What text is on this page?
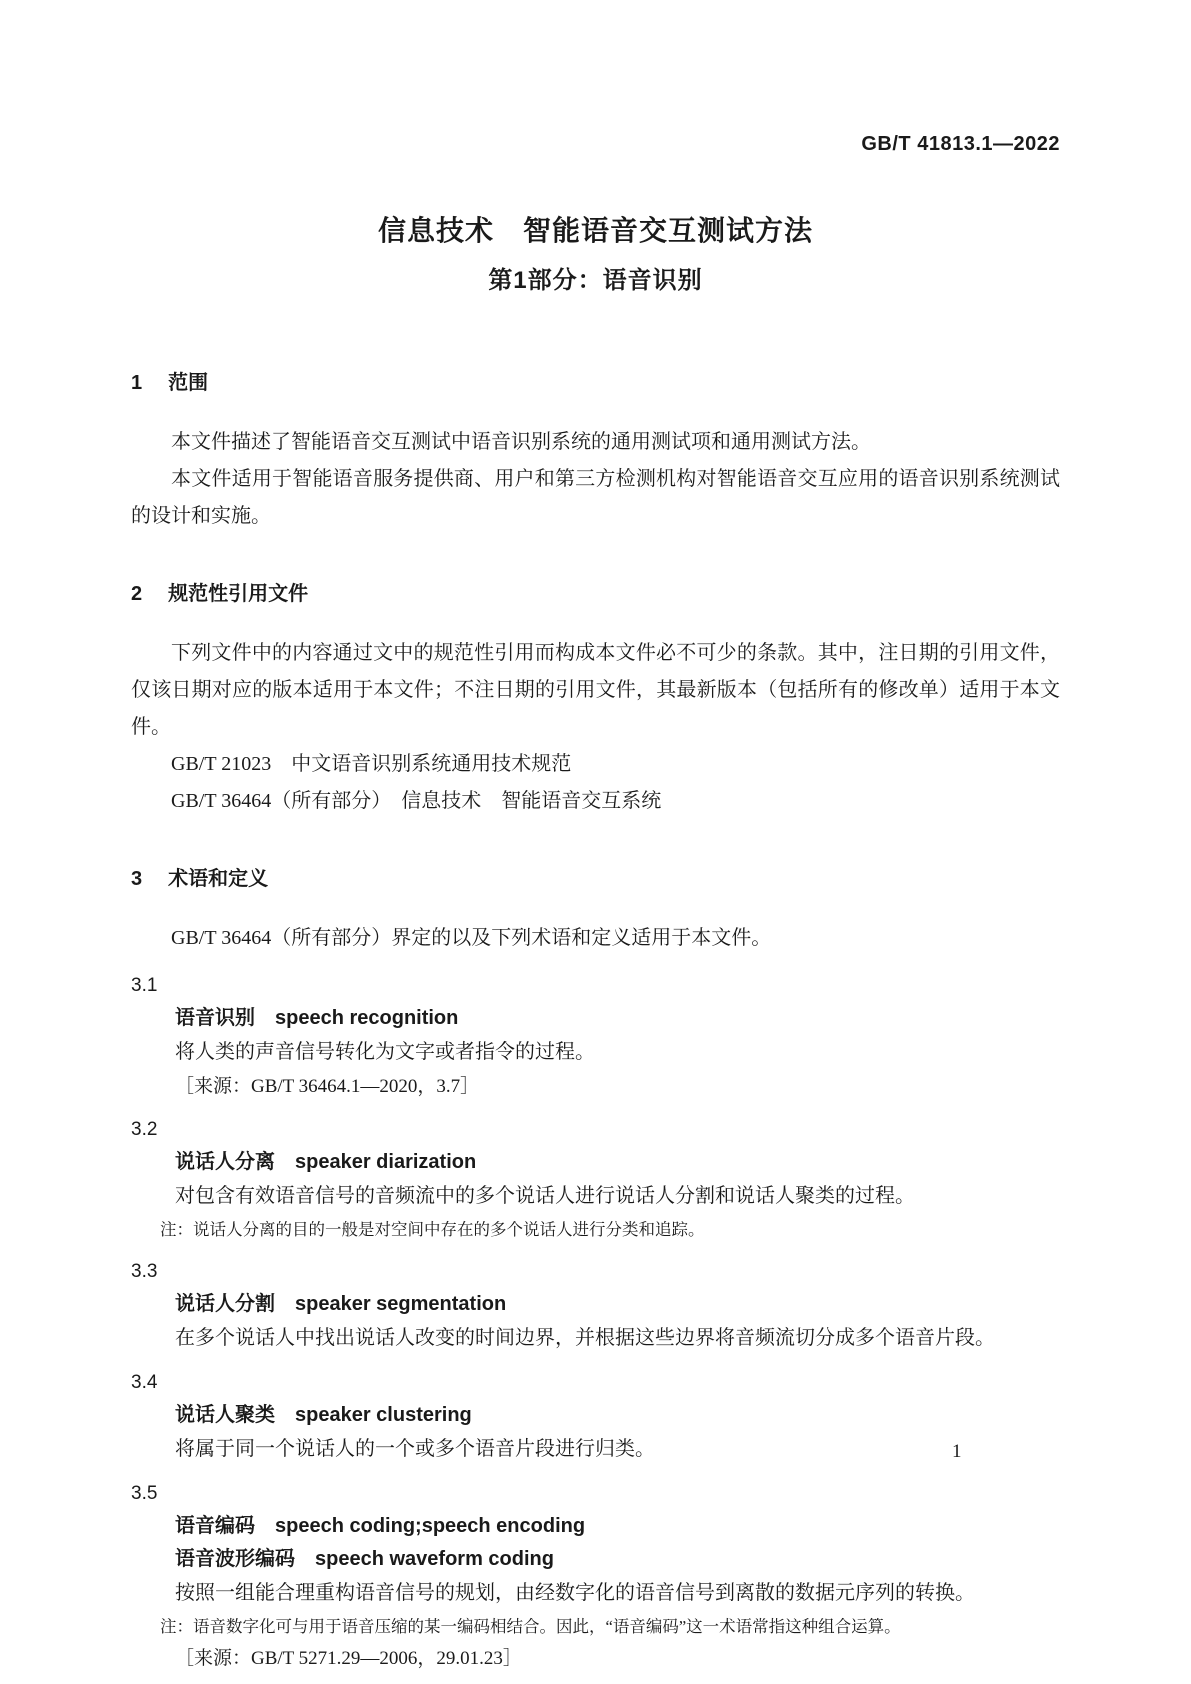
GB/T 41813.1—2022
信息技术　智能语音交互测试方法
第1部分：语音识别
1 范围

本文件描述了智能语音交互测试中语音识别系统的通用测试项和通用测试方法。

本文件适用于智能语音服务提供商、用户和第三方检测机构对智能语音交互应用的语音识别系统测试的设计和实施。

2 规范性引用文件

下列文件中的内容通过文中的规范性引用而构成本文件必不可少的条款。其中，注日期的引用文件，仅该日期对应的版本适用于本文件；不注日期的引用文件，其最新版本（包括所有的修改单）适用于本文件。

GB/T 21023　中文语音识别系统通用技术规范

GB/T 36464（所有部分）　信息技术　智能语音交互系统

3 术语和定义

GB/T 36464（所有部分）界定的以及下列术语和定义适用于本文件。

3.1
语音识别 speech recognition

将人类的声音信号转化为文字或者指令的过程。

［来源：GB/T 36464.1—2020，3.7］

3.2
说话人分离 speaker diarization

对包含有效语音信号的音频流中的多个说话人进行说话人分割和说话人聚类的过程。

注：说话人分离的目的一般是对空间中存在的多个说话人进行分类和追踪。

3.3
说话人分割 speaker segmentation

在多个说话人中找出说话人改变的时间边界，并根据这些边界将音频流切分成多个语音片段。

3.4
说话人聚类 speaker clustering

将属于同一个说话人的一个或多个语音片段进行归类。

3.5
语音编码 speech coding;speech encoding
语音波形编码 speech waveform coding

按照一组能合理重构语音信号的规划，由经数字化的语音信号到离散的数据元序列的转换。

注：语音数字化可与用于语音压缩的某一编码相结合。因此，“语音编码”这一术语常指这种组合运算。

［来源：GB/T 5271.29—2006，29.01.23］

1
